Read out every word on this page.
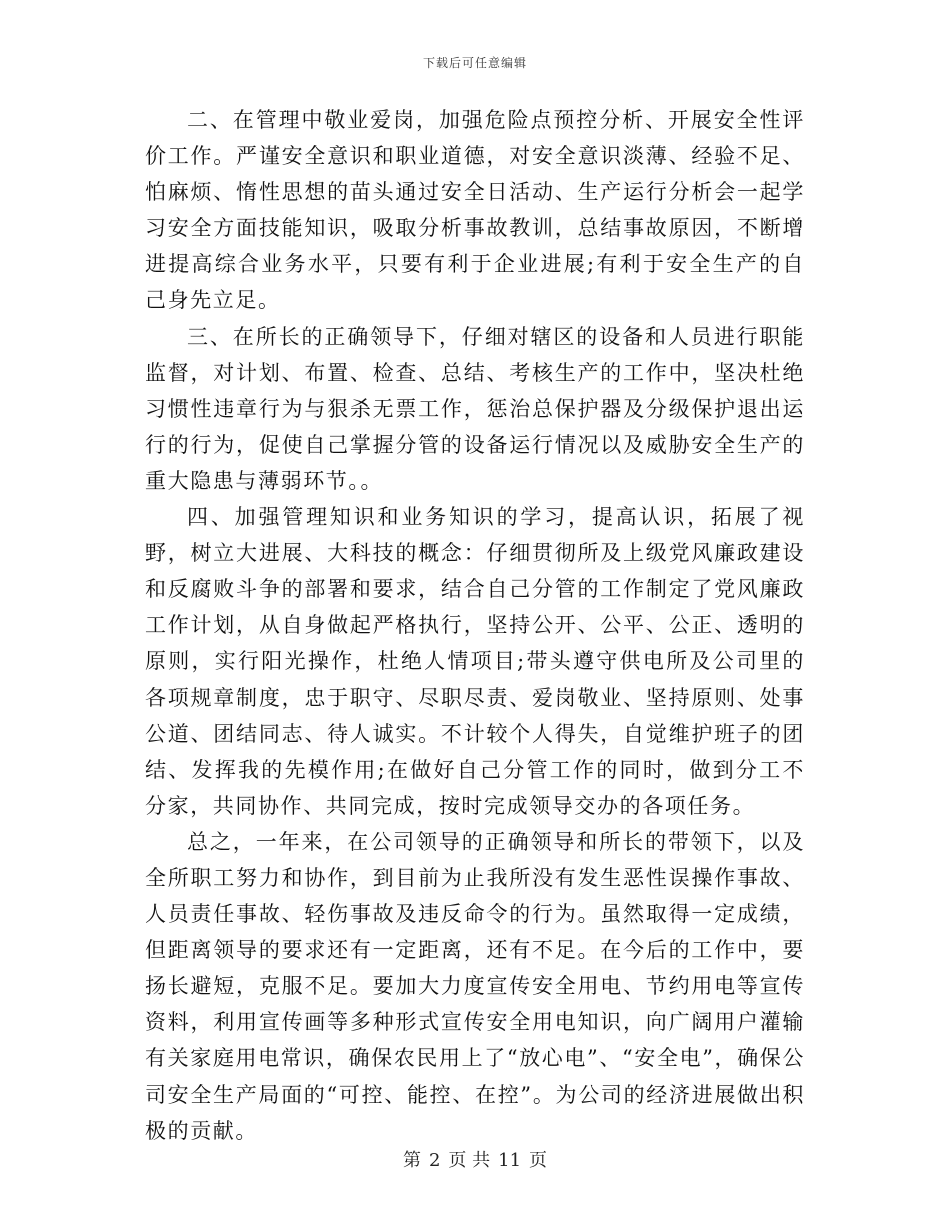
下载后可任意编辑

二、在管理中敬业爱岗，加强危险点预控分析、开展安全性评价工作。严谨安全意识和职业道德，对安全意识淡薄、经验不足、怕麻烦、惰性思想的苗头通过安全日活动、生产运行分析会一起学习安全方面技能知识，吸取分析事故教训，总结事故原因，不断增进提高综合业务水平，只要有利于企业进展;有利于安全生产的自己身先立足。

三、在所长的正确领导下，仔细对辖区的设备和人员进行职能监督，对计划、布置、检查、总结、考核生产的工作中，坚决杜绝习惯性违章行为与狠杀无票工作，惩治总保护器及分级保护退出运行的行为，促使自己掌握分管的设备运行情况以及威胁安全生产的重大隐患与薄弱环节。。

四、加强管理知识和业务知识的学习，提高认识，拓展了视野，树立大进展、大科技的概念：仔细贯彻所及上级党风廉政建设和反腐败斗争的部署和要求，结合自己分管的工作制定了党风廉政工作计划，从自身做起严格执行，坚持公开、公平、公正、透明的原则，实行阳光操作，杜绝人情项目;带头遵守供电所及公司里的各项规章制度，忠于职守、尽职尽责、爱岗敬业、坚持原则、处事公道、团结同志、待人诚实。不计较个人得失，自觉维护班子的团结、发挥我的先模作用;在做好自己分管工作的同时，做到分工不分家，共同协作、共同完成，按时完成领导交办的各项任务。

总之，一年来，在公司领导的正确领导和所长的带领下，以及全所职工努力和协作，到目前为止我所没有发生恶性误操作事故、人员责任事故、轻伤事故及违反命令的行为。虽然取得一定成绩，但距离领导的要求还有一定距离，还有不足。在今后的工作中，要扬长避短，克服不足。要加大力度宣传安全用电、节约用电等宣传资料，利用宣传画等多种形式宣传安全用电知识，向广阔用户灌输有关家庭用电常识，确保农民用上了“放心电”、“安全电”，确保公司安全生产局面的“可控、能控、在控”。为公司的经济进展做出积极的贡献。

第 2 页 共 11 页
